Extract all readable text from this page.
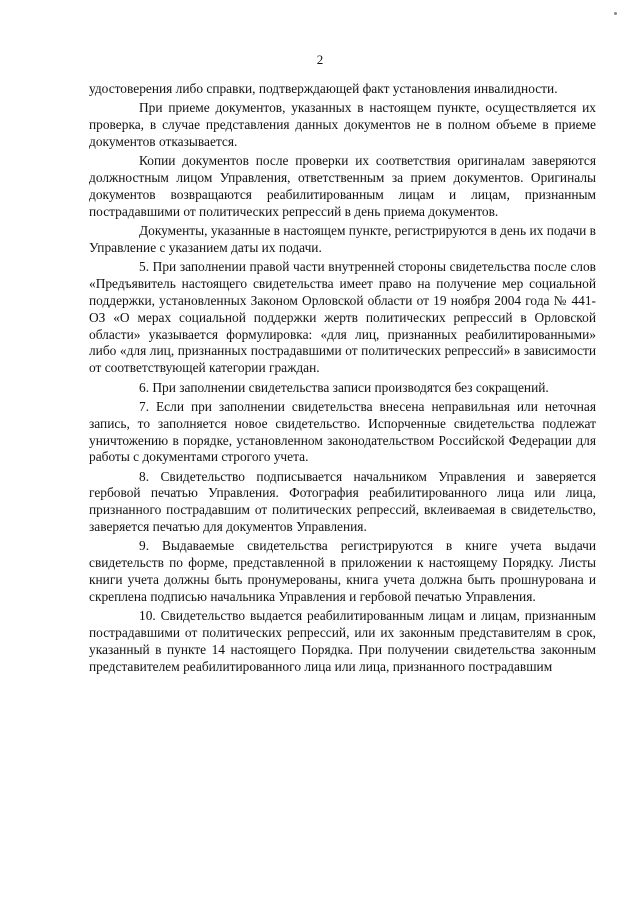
2

удостоверения либо справки, подтверждающей факт установления инвалидности.

При приеме документов, указанных в настоящем пункте, осуществляется их проверка, в случае представления данных документов не в полном объеме в приеме документов отказывается.

Копии документов после проверки их соответствия оригиналам заверяются должностным лицом Управления, ответственным за прием документов. Оригиналы документов возвращаются реабилитированным лицам и лицам, признанным пострадавшими от политических репрессий в день приема документов.

Документы, указанные в настоящем пункте, регистрируются в день их подачи в Управление с указанием даты их подачи.

5. При заполнении правой части внутренней стороны свидетельства после слов «Предъявитель настоящего свидетельства имеет право на получение мер социальной поддержки, установленных Законом Орловской области от 19 ноября 2004 года № 441-ОЗ «О мерах социальной поддержки жертв политических репрессий в Орловской области» указывается формулировка: «для лиц, признанных реабилитированными» либо «для лиц, признанных пострадавшими от политических репрессий» в зависимости от соответствующей категории граждан.

6. При заполнении свидетельства записи производятся без сокращений.

7. Если при заполнении свидетельства внесена неправильная или неточная запись, то заполняется новое свидетельство. Испорченные свидетельства подлежат уничтожению в порядке, установленном законодательством Российской Федерации для работы с документами строгого учета.

8. Свидетельство подписывается начальником Управления и заверяется гербовой печатью Управления. Фотография реабилитированного лица или лица, признанного пострадавшим от политических репрессий, вклеиваемая в свидетельство, заверяется печатью для документов Управления.

9. Выдаваемые свидетельства регистрируются в книге учета выдачи свидетельств по форме, представленной в приложении к настоящему Порядку. Листы книги учета должны быть пронумерованы, книга учета должна быть прошнурована и скреплена подписью начальника Управления и гербовой печатью Управления.

10. Свидетельство выдается реабилитированным лицам и лицам, признанным пострадавшими от политических репрессий, или их законным представителям в срок, указанный в пункте 14 настоящего Порядка. При получении свидетельства законным представителем реабилитированного лица или лица, признанного пострадавшим
